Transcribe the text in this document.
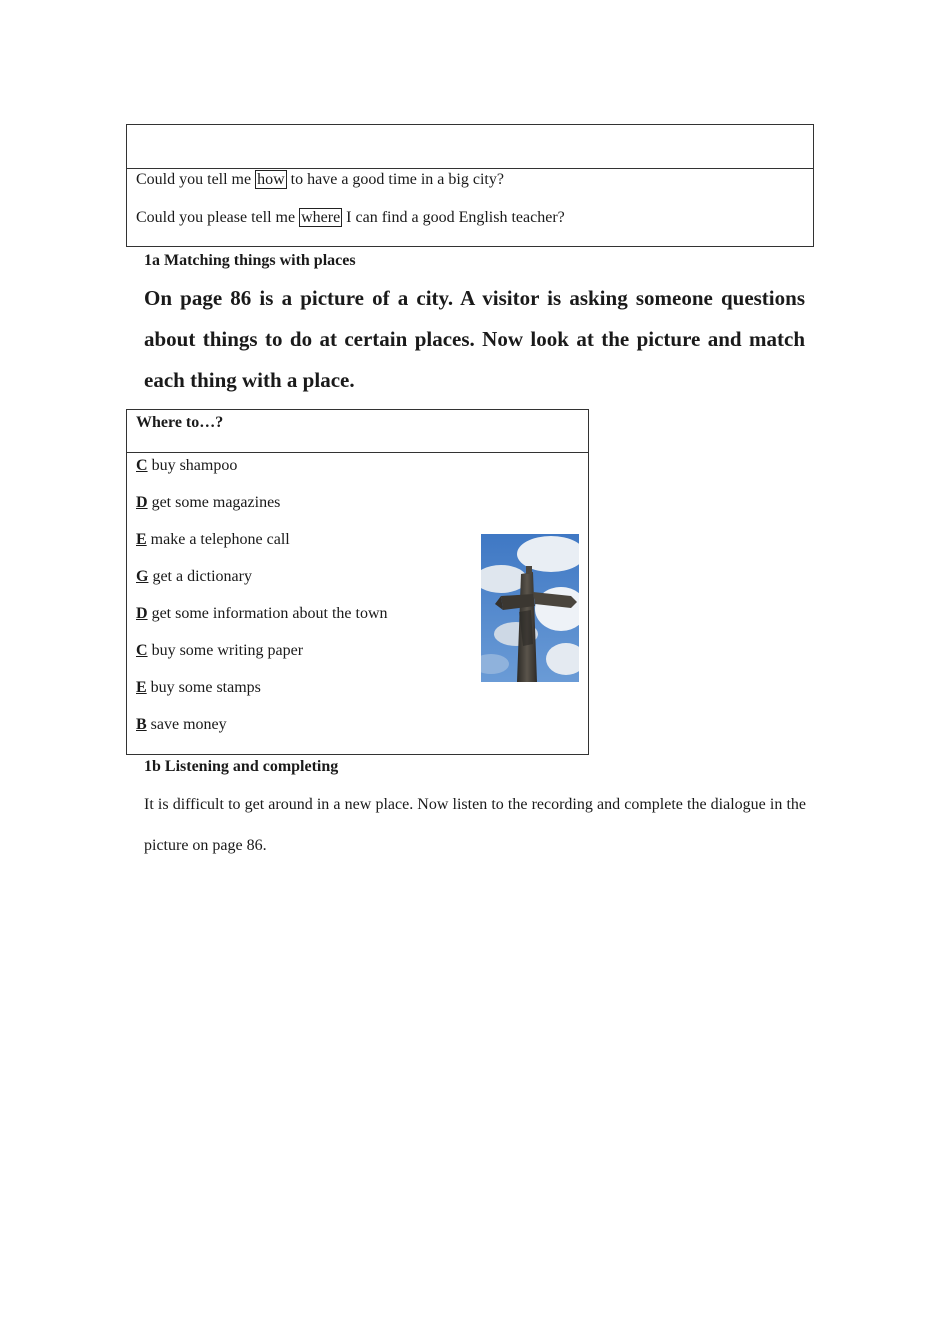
Could you tell me how to have a good time in a big city?
Could you please tell me where I can find a good English teacher?
1a Matching things with places
On page 86 is a picture of a city. A visitor is asking someone questions about things to do at certain places. Now look at the picture and match each thing with a place.
Where to…?
C buy shampoo
D get some magazines
E make a telephone call
G get a dictionary
D get some information about the town
C buy some writing paper
E buy some stamps
B save money
1b Listening and completing
It is difficult to get around in a new place. Now listen to the recording and complete the dialogue in the picture on page 86.
